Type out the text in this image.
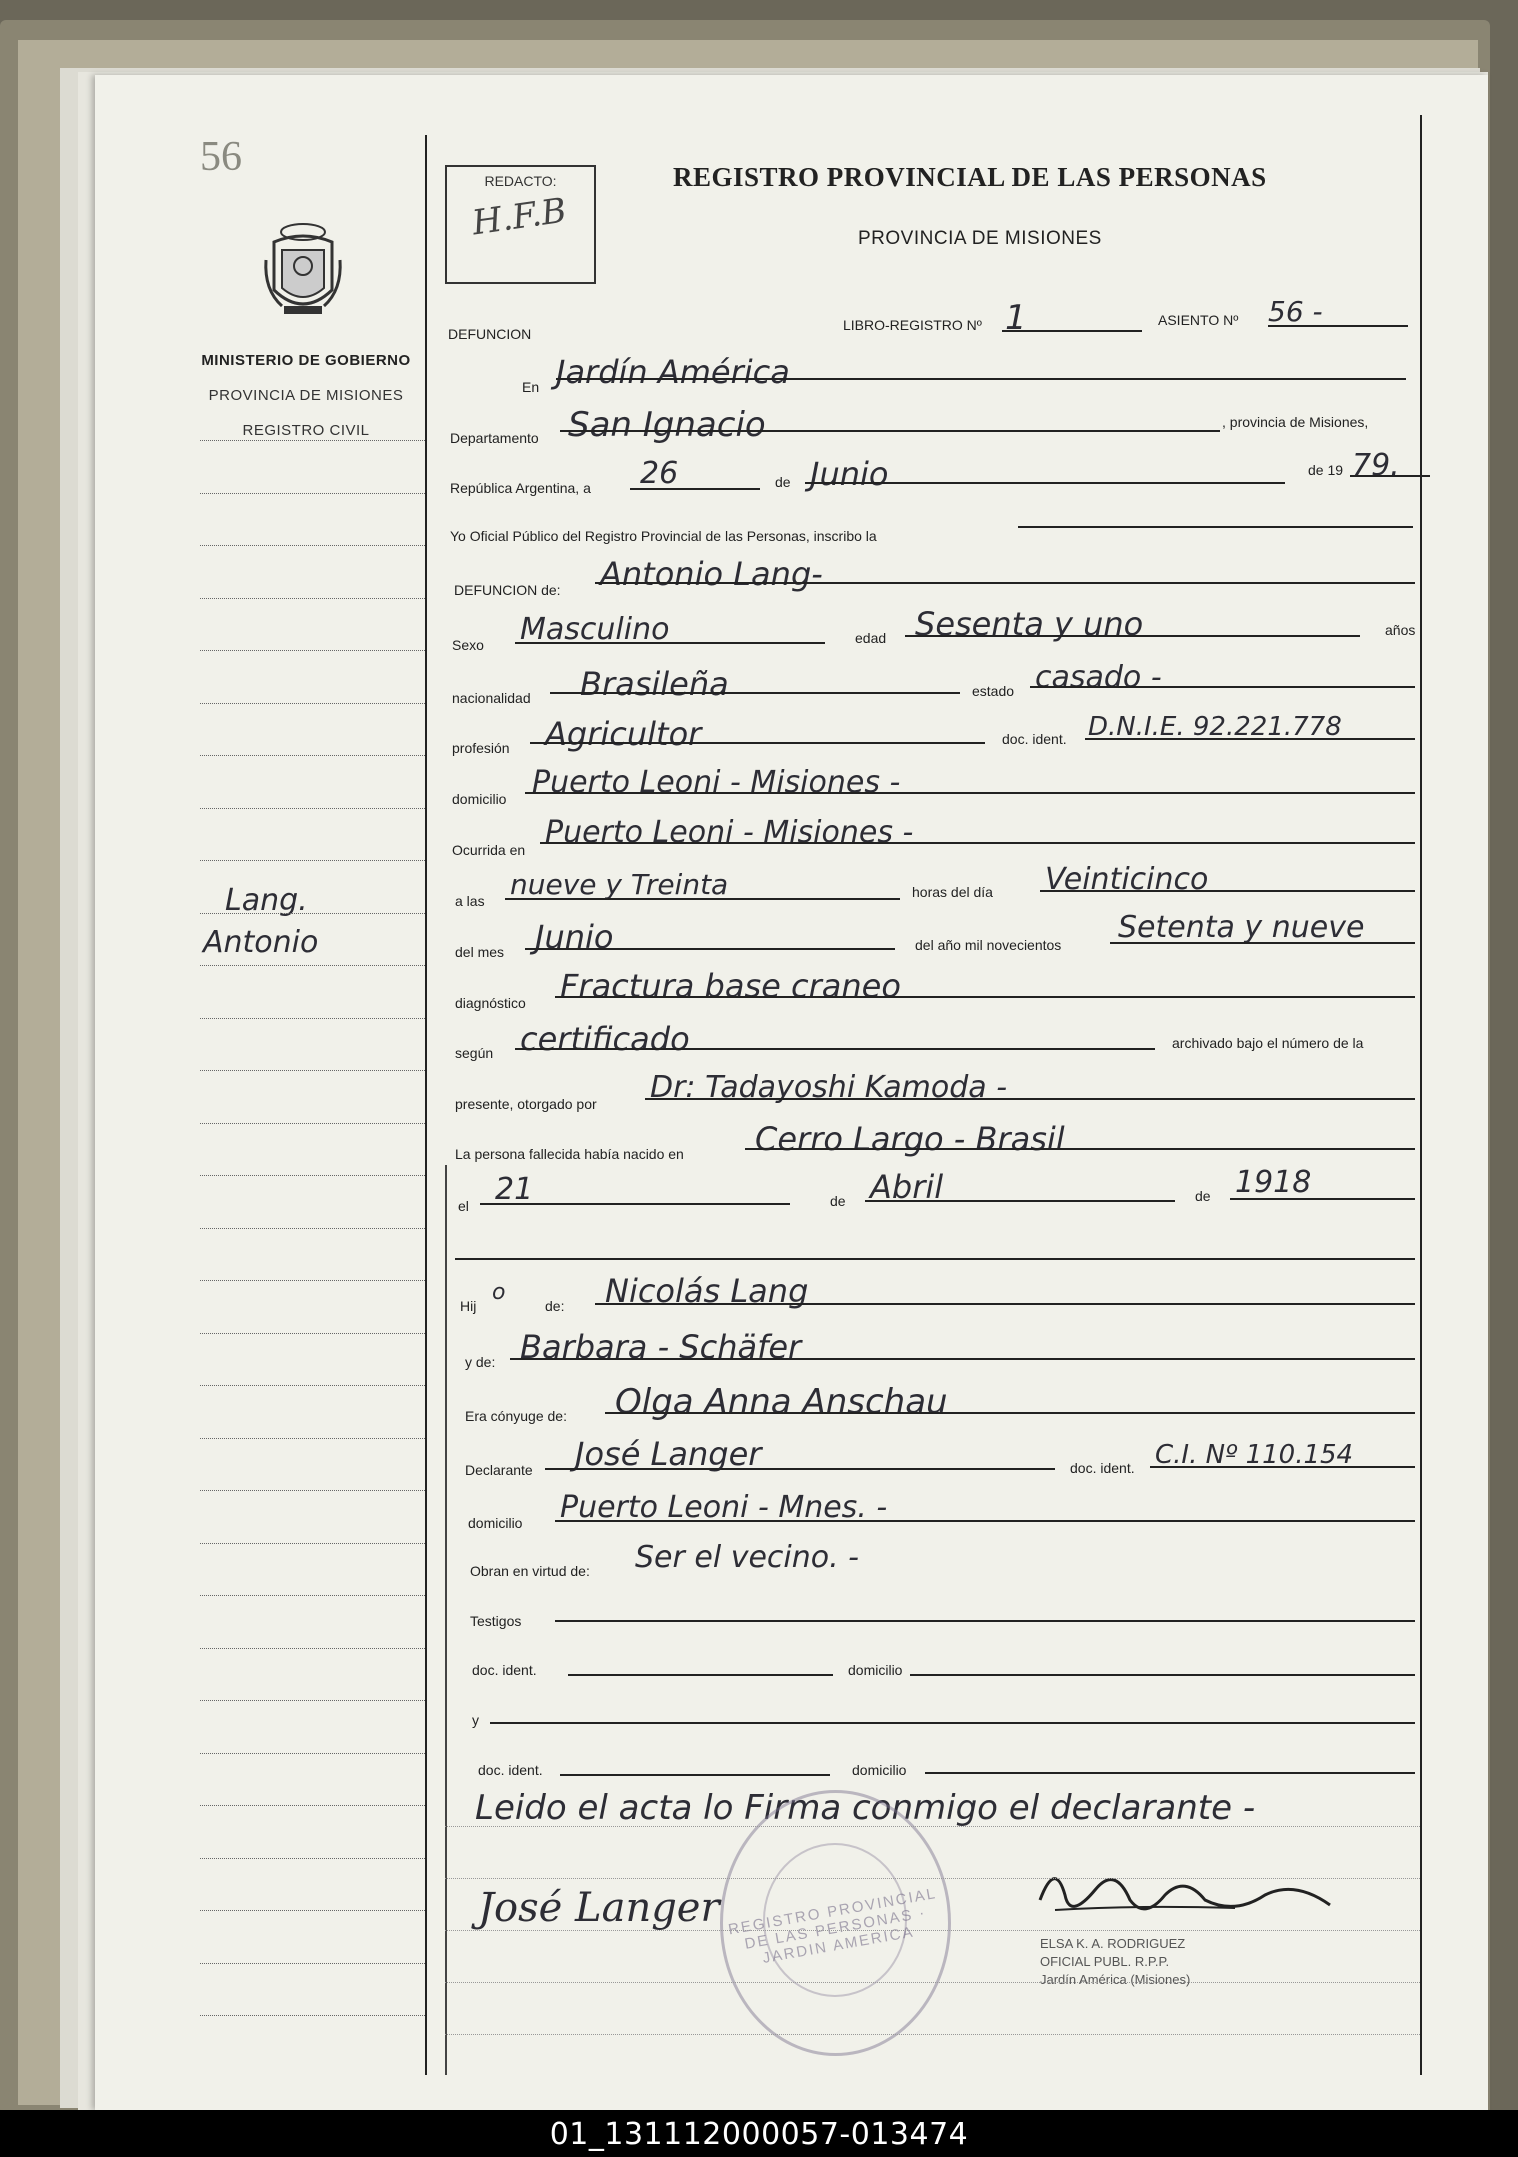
56
MINISTERIO DE GOBIERNO
PROVINCIA DE MISIONES
REGISTRO CIVIL
Lang.
Antonio
REDACTO:
H.F.B
REGISTRO PROVINCIAL DE LAS PERSONAS
PROVINCIA DE MISIONES
DEFUNCION
LIBRO-REGISTRO Nº 1	ASIENTO Nº 56 -
En Jardín América
Departamento San Ignacio	, provincia de Misiones,
República Argentina, a 26	de Junio	de 19 79.
Yo Oficial Público del Registro Provincial de las Personas, inscribo la
DEFUNCION de: Antonio Lang-
Sexo Masculino	edad Sesenta y uno	años
nacionalidad Brasileña	estado casado -
profesión Agricultor	doc. ident. D.N.I.E. 92.221.778
domicilio Puerto Leoni - Misiones -
Ocurrida en Puerto Leoni - Misiones -
a las nueve y Treinta	horas del día Veinticinco
del mes Junio	del año mil novecientos Setenta y nueve
diagnóstico Fractura base craneo
según certificado	archivado bajo el número de la
presente, otorgado por Dr: Tadayoshi Kamoda -
La persona fallecida había nacido en Cerro Largo - Brasil
el 21	de Abril	de 1918
Hij
o
de: Nicolás Lang
y de: Barbara - Schäfer
Era cónyuge de: Olga Anna Anschau
Declarante José Langer	doc. ident. C.I. Nº 110.154
domicilio Puerto Leoni - Mnes. -
Obran en virtud de: Ser el vecino. -
Testigos
doc. ident.	domicilio
y
doc. ident.	domicilio
Leido el acta lo Firma conmigo el declarante -
José Langer REGISTRO PROVINCIAL DE LAS PERSONAS · JARDIN AMERICA	ELSA K. A. RODRIGUEZ
OFICIAL PUBL. R.P.P.
Jardín América (Misiones)
01_131112000057-013474
